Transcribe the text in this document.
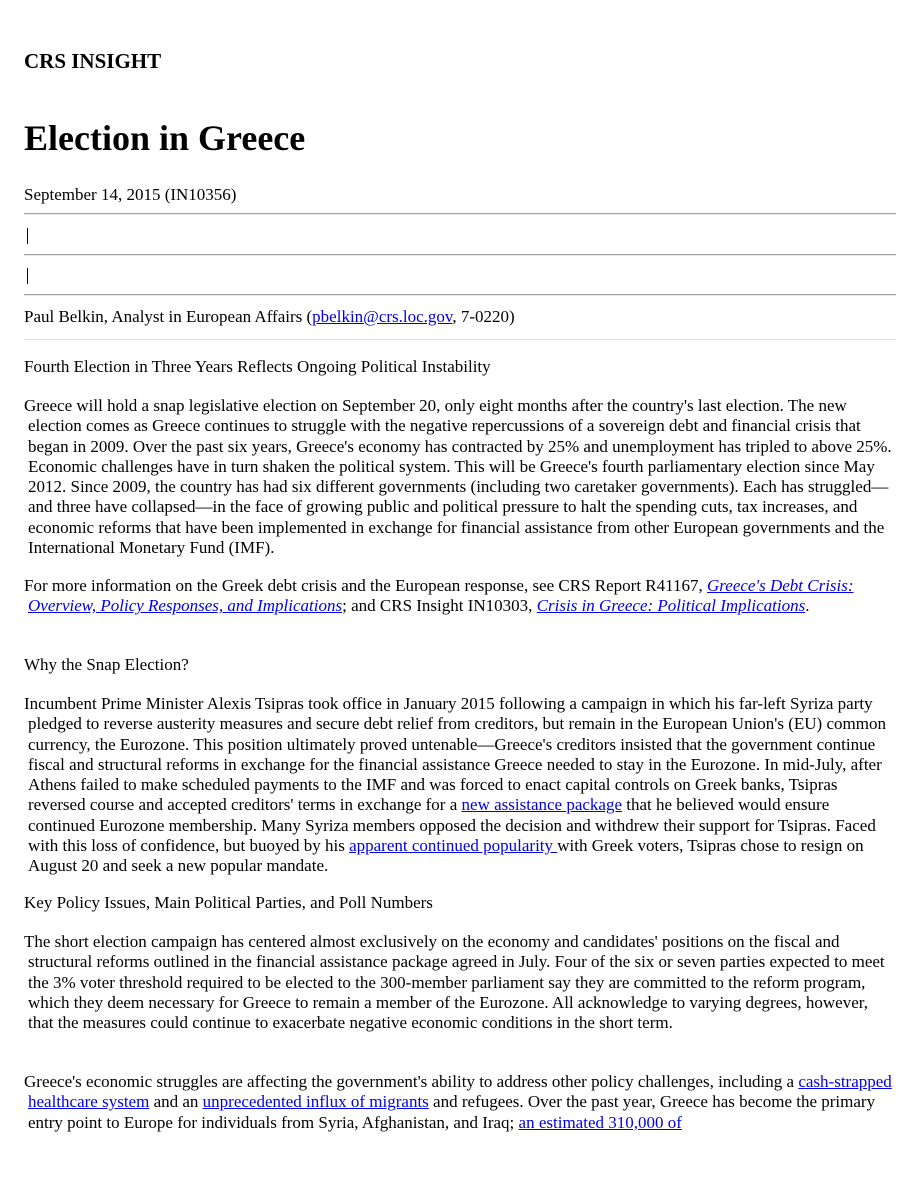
CRS INSIGHT
Election in Greece

September 14, 2015 (IN10356)

Paul Belkin, Analyst in European Affairs (pbelkin@crs.loc.gov, 7-0220)

Fourth Election in Three Years Reflects Ongoing Political Instability

Greece will hold a snap legislative election on September 20, only eight months after the country's last election. The new election comes as Greece continues to struggle with the negative repercussions of a sovereign debt and financial crisis that began in 2009. Over the past six years, Greece's economy has contracted by 25% and unemployment has tripled to above 25%. Economic challenges have in turn shaken the political system. This will be Greece's fourth parliamentary election since May 2012. Since 2009, the country has had six different governments (including two caretaker governments). Each has struggled—and three have collapsed—in the face of growing public and political pressure to halt the spending cuts, tax increases, and economic reforms that have been implemented in exchange for financial assistance from other European governments and the International Monetary Fund (IMF).

For more information on the Greek debt crisis and the European response, see CRS Report R41167, Greece's Debt Crisis: Overview, Policy Responses, and Implications; and CRS Insight IN10303, Crisis in Greece: Political Implications.

Why the Snap Election?

Incumbent Prime Minister Alexis Tsipras took office in January 2015 following a campaign in which his far-left Syriza party pledged to reverse austerity measures and secure debt relief from creditors, but remain in the European Union's (EU) common currency, the Eurozone. This position ultimately proved untenable—Greece's creditors insisted that the government continue fiscal and structural reforms in exchange for the financial assistance Greece needed to stay in the Eurozone. In mid-July, after Athens failed to make scheduled payments to the IMF and was forced to enact capital controls on Greek banks, Tsipras reversed course and accepted creditors' terms in exchange for a new assistance package that he believed would ensure continued Eurozone membership. Many Syriza members opposed the decision and withdrew their support for Tsipras. Faced with this loss of confidence, but buoyed by his apparent continued popularity with Greek voters, Tsipras chose to resign on August 20 and seek a new popular mandate.

Key Policy Issues, Main Political Parties, and Poll Numbers

The short election campaign has centered almost exclusively on the economy and candidates' positions on the fiscal and structural reforms outlined in the financial assistance package agreed in July. Four of the six or seven parties expected to meet the 3% voter threshold required to be elected to the 300-member parliament say they are committed to the reform program, which they deem necessary for Greece to remain a member of the Eurozone. All acknowledge to varying degrees, however, that the measures could continue to exacerbate negative economic conditions in the short term.

Greece's economic struggles are affecting the government's ability to address other policy challenges, including a cash-strapped healthcare system and an unprecedented influx of migrants and refugees. Over the past year, Greece has become the primary entry point to Europe for individuals from Syria, Afghanistan, and Iraq; an estimated 310,000 of
